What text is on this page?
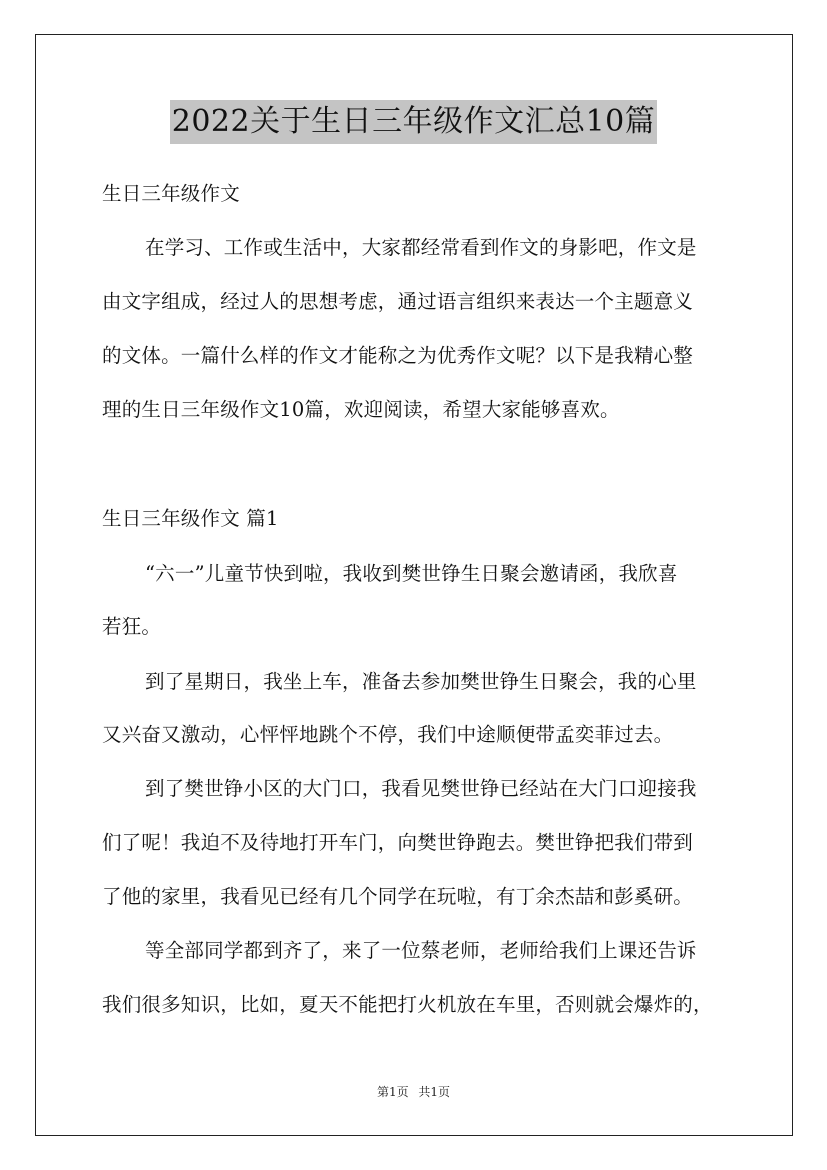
2022关于生日三年级作文汇总10篇
生日三年级作文
在学习、工作或生活中，大家都经常看到作文的身影吧，作文是
由文字组成，经过人的思想考虑，通过语言组织来表达一个主题意义
的文体。一篇什么样的作文才能称之为优秀作文呢？以下是我精心整
理的生日三年级作文10篇，欢迎阅读，希望大家能够喜欢。
生日三年级作文 篇1
“六一”儿童节快到啦，我收到樊世铮生日聚会邀请函，我欣喜
若狂。
到了星期日，我坐上车，准备去参加樊世铮生日聚会，我的心里
又兴奋又激动，心怦怦地跳个不停，我们中途顺便带孟奕菲过去。
到了樊世铮小区的大门口，我看见樊世铮已经站在大门口迎接我
们了呢！我迫不及待地打开车门，向樊世铮跑去。樊世铮把我们带到
了他的家里，我看见已经有几个同学在玩啦，有丁余杰喆和彭奚研。
等全部同学都到齐了，来了一位蔡老师，老师给我们上课还告诉
我们很多知识，比如，夏天不能把打火机放在车里，否则就会爆炸的，
第1页 共1页
